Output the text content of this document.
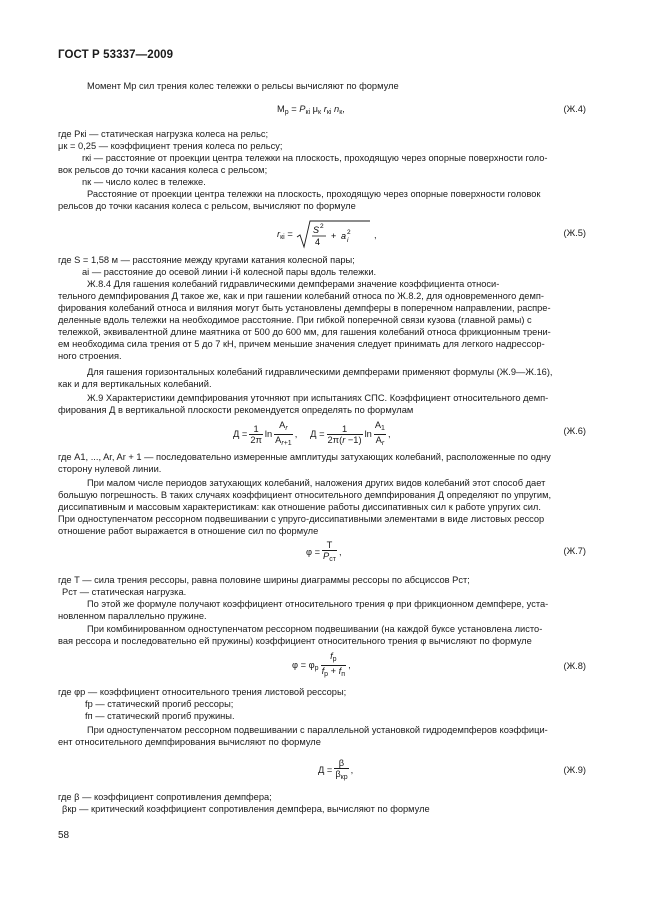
ГОСТ Р 53337—2009
Момент Mр сил трения колес тележки о рельсы вычисляют по формуле
$M_р = P_{кi}$ $\mu_к$ $r_{кi}$ $n_к$,	(Ж.4)
где Pкi — статическая нагрузка колеса на рельс;
μк = 0,25 — коэффициент трения колеса по рельсу;
rкi — расстояние от проекции центра тележки на плоскость, проходящую через опорные поверхности голо-
вок рельсов до точки касания колеса с рельсом;
nк — число колес в тележке.
Расстояние от проекции центра тележки на плоскость, проходящую через опорные поверхности головок
рельсов до точки касания колеса с рельсом, вычисляют по формуле
$r_{кi} = S$ 2
4
+ a 2
i
,	(Ж.5)
где S = 1,58 м — расстояние между кругами катания колесной пары;
ai — расстояние до осевой линии i-й колесной пары вдоль тележки.
Ж.8.4 Для гашения колебаний гидравлическими демпферами значение коэффициента относи-
тельного демпфирования Д такое же, как и при гашении колебаний относа по Ж.8.2, для одновременного демп-
фирования колебаний относа и виляния могут быть установлены демпферы в поперечном направлении, распре-
деленные вдоль тележки на необходимое расстояние. При гибкой поперечной связи кузова (главной рамы) с
тележкой, эквивалентной длине маятника от 500 до 600 мм, для гашения колебаний относа фрикционным трени-
ем необходима сила трения от 5 до 7 кН, причем меньшие значения следует принимать для легкого надрессор-
ного строения.
Для гашения горизонтальных колебаний гидравлическими демпферами применяют формулы (Ж.9—Ж.16),
как и для вертикальных колебаний.
Ж.9 Характеристики демпфирования уточняют при испытаниях СПС. Коэффициент относительного демп-
фирования Д в вертикальной плоскости рекомендуется определять по формулам
$Д = \frac{1}{2\pi}$ $\ln \frac{A_r}{A_{r+1}}$ ,     $Д = \frac{1}{2\pi(r -1)}$ $\ln \frac{A_1}{A_r}$ ,	(Ж.6)
где A1, ..., Ar, Ar + 1 — последовательно измеренные амплитуды затухающих колебаний, расположенные по одну
сторону нулевой линии.
При малом числе периодов затухающих колебаний, наложения других видов колебаний этот способ дает
большую погрешность. В таких случаях коэффициент относительного демпфирования Д определяют по упругим,
диссипативным и массовым характеристикам: как отношение работы диссипативных сил к работе упругих сил.
При одноступенчатом рессорном подвешивании с упруго-диссипативными элементами в виде листовых рессор
отношение работ выражается в отношение сил по формуле
$\varphi = \frac{T}{P_{ст}}$ ,	(Ж.7)
где T — сила трения рессоры, равна половине ширины диаграммы рессоры по абсцисcов Pст;
Pст — статическая нагрузка.
По этой же формуле получают коэффициент относительного трения φ при фрикционном демпфере, уста-
новленном параллельно пружине.
При комбинированном одноступенчатом рессорном подвешивании (на каждой буксе установлена листо-
вая рессора и последовательно ей пружины) коэффициент относительного трения φ вычисляют по формуле
$\varphi = \varphi_р \frac{f_р}{f_р + f_п}$ ,	(Ж.8)
где φр — коэффициент относительного трения листовой рессоры;
fр — статический прогиб рессоры;
fп — статический прогиб пружины.
При одноступенчатом рессорном подвешивании с параллельной установкой гидродемпферов коэффици-
ент относительного демпфирования вычисляют по формуле
$Д = \frac{\beta}{\beta_{кр}}$ ,	(Ж.9)
где β — коэффициент сопротивления демпфера;
βкр — критический коэффициент сопротивления демпфера, вычисляют по формуле
58
